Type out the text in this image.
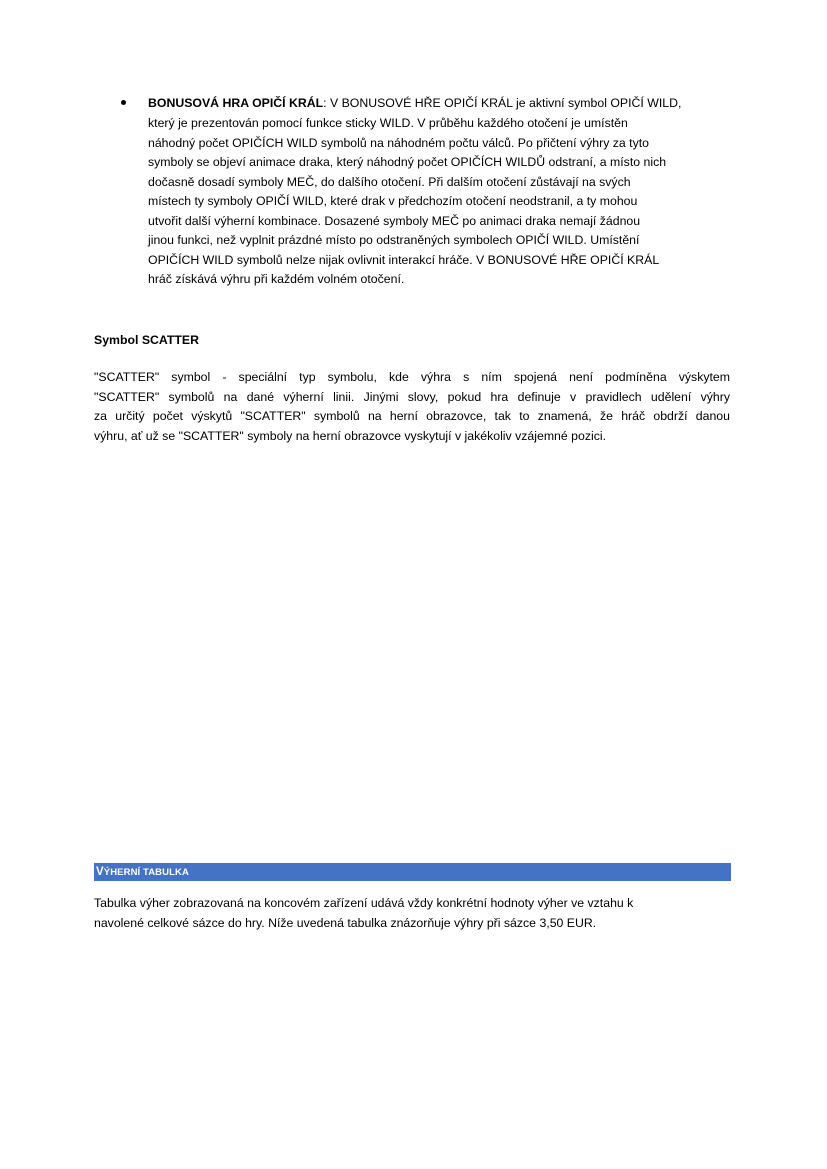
BONUSOVÁ HRA OPIČÍ KRÁL: V BONUSOVÉ HŘE OPIČÍ KRÁL je aktivní symbol OPIČÍ WILD,
který je prezentován pomocí funkce sticky WILD. V průběhu každého otočení je umístěn
náhodný počet OPIČÍCH WILD symbolů na náhodném počtu válců. Po přičtení výhry za tyto
symboly se objeví animace draka, který náhodný počet OPIČÍCH WILDŮ odstraní, a místo nich
dočasně dosadí symboly MEČ, do dalšího otočení. Při dalším otočení zůstávají na svých
místech ty symboly OPIČÍ WILD, které drak v předchozím otočení neodstranil, a ty mohou
utvořit další výherní kombinace. Dosazené symboly MEČ po animaci draka nemají žádnou
jinou funkci, než vyplnit prázdné místo po odstraněných symbolech OPIČÍ WILD. Umístění
OPIČÍCH WILD symbolů nelze nijak ovlivnit interakcí hráče. V BONUSOVÉ HŘE OPIČÍ KRÁL
hráč získává výhru při každém volném otočení.
Symbol SCATTER
"SCATTER" symbol - speciální typ symbolu, kde výhra s ním spojená není podmíněna výskytem
"SCATTER" symbolů na dané výherní linii. Jinými slovy, pokud hra definuje v pravidlech udělení výhry
za určitý počet výskytů "SCATTER" symbolů na herní obrazovce, tak to znamená, že hráč obdrží danou
výhru, ať už se "SCATTER" symboly na herní obrazovce vyskytují v jakékoliv vzájemné pozici.
VÝHERNÍ TABULKA
Tabulka výher zobrazovaná na koncovém zařízení udává vždy konkrétní hodnoty výher ve vztahu k
navolené celkové sázce do hry. Níže uvedená tabulka znázorňuje výhry při sázce 3,50 EUR.
